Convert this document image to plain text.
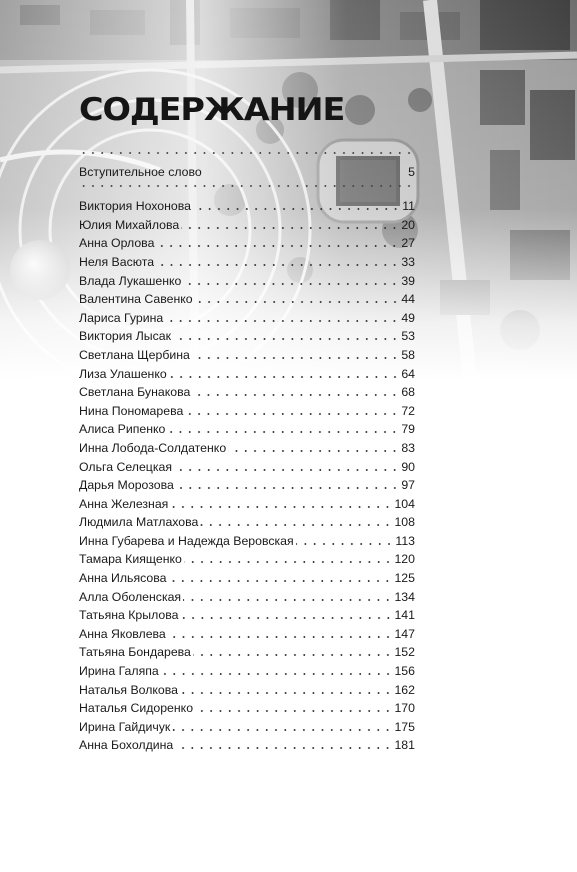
СОДЕРЖАНИЕ
Вступительное слово	5
Виктория Нохонова	11
Юлия Михайлова	20
Анна Орлова	27
Неля Васюта	33
Влада Лукашенко	39
Валентина Савенко	44
Лариса Гурина	49
Виктория Лысак	53
Светлана Щербина	58
Лиза Улашенко	64
Светлана Бунакова	68
Нина Пономарева	72
Алиса Рипенко	79
Инна Лобода-Солдатенко	83
Ольга Селецкая	90
Дарья Морозова	97
Анна Железная	104
Людмила Матлахова	108
Инна Губарева и Надежда Веровская	113
Тамара Киященко	120
Анна Ильясова	125
Алла Оболенская	134
Татьяна Крылова	141
Анна Яковлева	147
Татьяна Бондарева	152
Ирина Галяпа	156
Наталья Волкова	162
Наталья Сидоренко	170
Ирина Гайдичук	175
Анна Бохолдина	181
